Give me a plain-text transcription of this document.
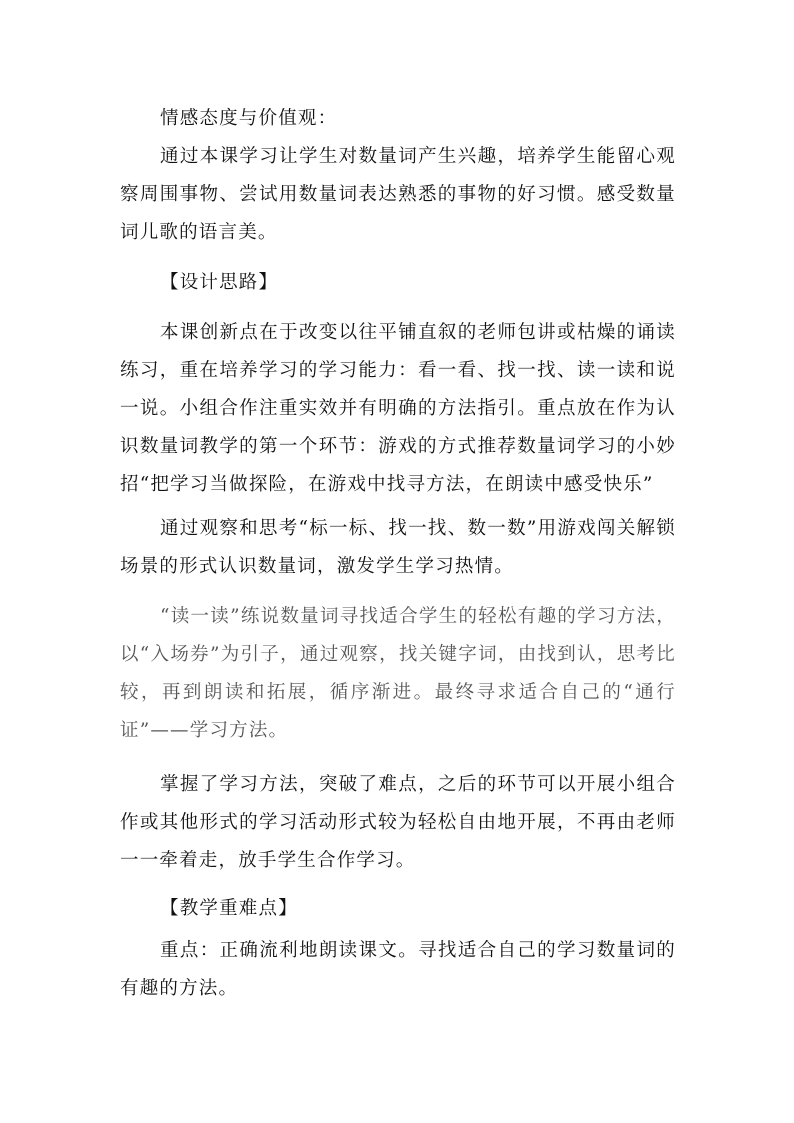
情感态度与价值观：

通过本课学习让学生对数量词产生兴趣，培养学生能留心观察周围事物、尝试用数量词表达熟悉的事物的好习惯。感受数量词儿歌的语言美。

【设计思路】

本课创新点在于改变以往平铺直叙的老师包讲或枯燥的诵读练习，重在培养学习的学习能力：看一看、找一找、读一读和说一说。小组合作注重实效并有明确的方法指引。重点放在作为认识数量词教学的第一个环节：游戏的方式推荐数量词学习的小妙招“把学习当做探险，在游戏中找寻方法，在朗读中感受快乐”

通过观察和思考“标一标、找一找、数一数”用游戏闯关解锁场景的形式认识数量词，激发学生学习热情。

“读一读”练说数量词寻找适合学生的轻松有趣的学习方法，以“入场券”为引子，通过观察，找关键字词，由找到认，思考比较，再到朗读和拓展，循序渐进。最终寻求适合自己的“通行证”——学习方法。

掌握了学习方法，突破了难点，之后的环节可以开展小组合作或其他形式的学习活动形式较为轻松自由地开展，不再由老师一一牵着走，放手学生合作学习。

【教学重难点】

重点：正确流利地朗读课文。寻找适合自己的学习数量词的有趣的方法。
